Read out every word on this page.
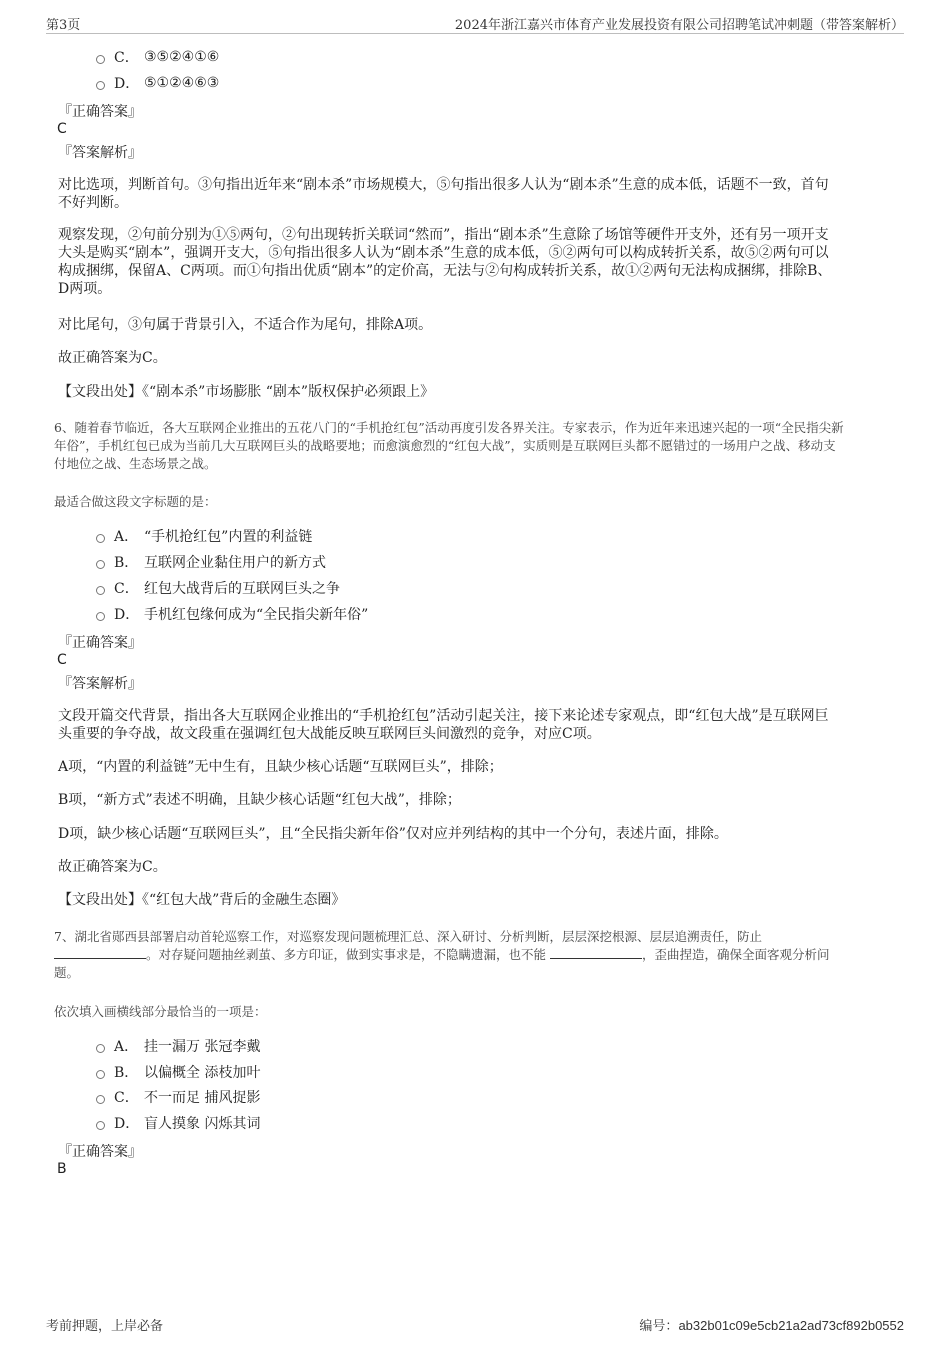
第3页	2024年浙江嘉兴市体育产业发展投资有限公司招聘笔试冲刺题（带答案解析）
C． ③⑤②④①⑥
D． ⑤①②④⑥③
『正确答案』
C
『答案解析』
对比选项，判断首句。③句指出近年来“剧本杀”市场规模大，⑤句指出很多人认为“剧本杀”生意的成本低，话题不一致，首句
不好判断。
观察发现，②句前分别为①⑤两句，②句出现转折关联词“然而”，指出“剧本杀”生意除了场馆等硬件开支外，还有另一项开支
大头是购买“剧本”，强调开支大，⑤句指出很多人认为“剧本杀”生意的成本低，⑤②两句可以构成转折关系，故⑤②两句可以
构成捆绑，保留A、C两项。而①句指出优质“剧本”的定价高，无法与②句构成转折关系，故①②两句无法构成捆绑，排除B、
D两项。
对比尾句，③句属于背景引入，不适合作为尾句，排除A项。
故正确答案为C。
【文段出处】《“剧本杀”市场膨胀 “剧本”版权保护必须跟上》
6、随着春节临近，各大互联网企业推出的五花八门的“手机抢红包”活动再度引发各界关注。专家表示，作为近年来迅速兴起的一项“全民指尖新
年俗”，手机红包已成为当前几大互联网巨头的战略要地；而愈演愈烈的“红包大战”，实质则是互联网巨头都不愿错过的一场用户之战、移动支
付地位之战、生态场景之战。
最适合做这段文字标题的是：
A． “手机抢红包”内置的利益链
B． 互联网企业黏住用户的新方式
C． 红包大战背后的互联网巨头之争
D． 手机红包缘何成为“全民指尖新年俗”
『正确答案』
C
『答案解析』
文段开篇交代背景，指出各大互联网企业推出的“手机抢红包”活动引起关注，接下来论述专家观点，即“红包大战”是互联网巨
头重要的争夺战，故文段重在强调红包大战能反映互联网巨头间激烈的竞争，对应C项。
A项，“内置的利益链”无中生有，且缺少核心话题“互联网巨头”，排除；
B项，“新方式”表述不明确，且缺少核心话题“红包大战”，排除；
D项，缺少核心话题“互联网巨头”，且“全民指尖新年俗”仅对应并列结构的其中一个分句，表述片面，排除。
故正确答案为C。
【文段出处】《“红包大战”背后的金融生态圈》
7、湖北省郧西县部署启动首轮巡察工作，对巡察发现问题梳理汇总、深入研讨、分析判断，层层深挖根源、层层追溯责任，防止
。对存疑问题抽丝剥茧、多方印证，做到实事求是，不隐瞒遗漏，也不能	，歪曲捏造，确保全面客观分析问
题。
依次填入画横线部分最恰当的一项是：
A． 挂一漏万 张冠李戴
B． 以偏概全 添枝加叶
C． 不一而足 捕风捉影
D． 盲人摸象 闪烁其词
『正确答案』
B
考前押题，上岸必备	编号：ab32b01c09e5cb21a2ad73cf892b0552
